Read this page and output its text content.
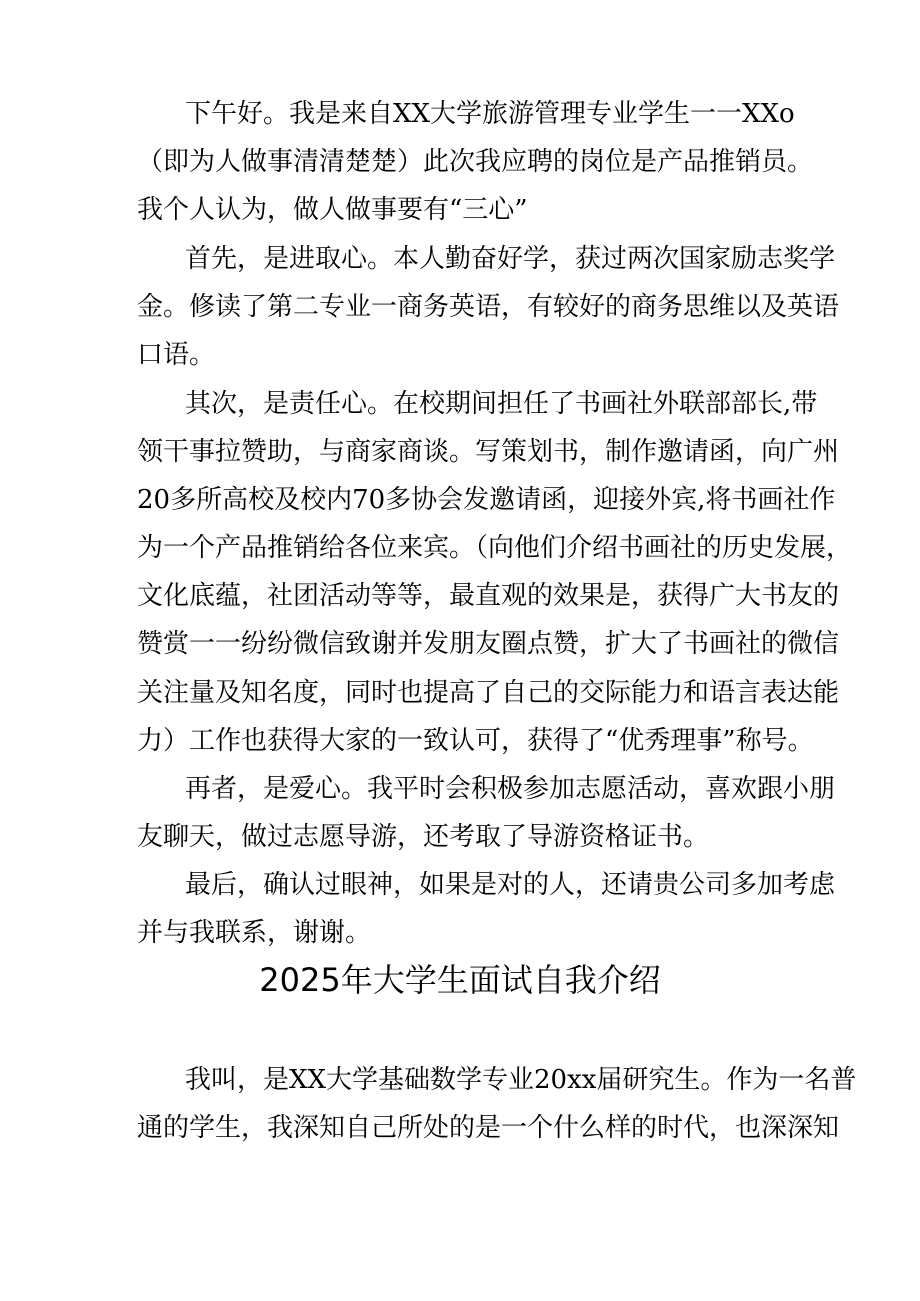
下午好。我是来自XX大学旅游管理专业学生一一XXo
（即为人做事清清楚楚）此次我应聘的岗位是产品推销员。
我个人认为，做人做事要有“三心”
首先，是进取心。本人勤奋好学，获过两次国家励志奖学
金。修读了第二专业一商务英语，有较好的商务思维以及英语
口语。
其次，是责任心。在校期间担任了书画社外联部部长,带
领干事拉赞助，与商家商谈。写策划书，制作邀请函，向广州
20多所高校及校内70多协会发邀请函，迎接外宾,将书画社作
为一个产品推销给各位来宾。（向他们介绍书画社的历史发展，
文化底蕴，社团活动等等，最直观的效果是，获得广大书友的
赞赏一一纷纷微信致谢并发朋友圈点赞，扩大了书画社的微信
关注量及知名度，同时也提高了自己的交际能力和语言表达能
力）工作也获得大家的一致认可，获得了“优秀理事”称号。
再者，是爱心。我平时会积极参加志愿活动，喜欢跟小朋
友聊天，做过志愿导游，还考取了导游资格证书。
最后，确认过眼神，如果是对的人，还请贵公司多加考虑
并与我联系，谢谢。
2025年大学生面试自我介绍
我叫，是XX大学基础数学专业20xx届研究生。作为一名普
通的学生，我深知自己所处的是一个什么样的时代，也深深知
